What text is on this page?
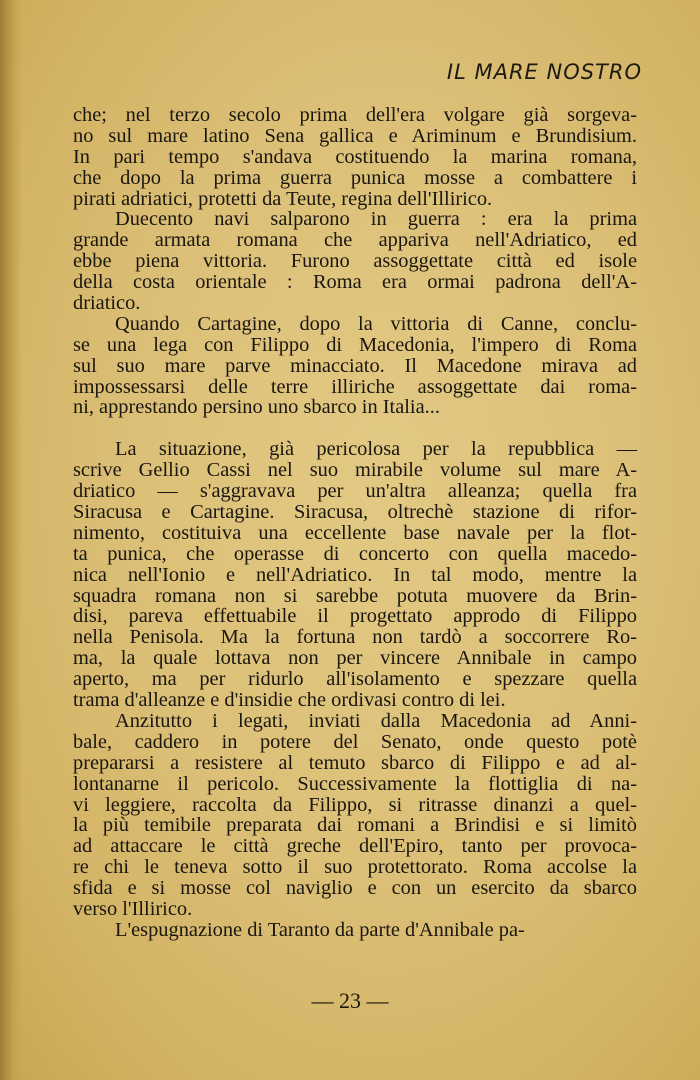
IL MARE NOSTRO
che; nel terzo secolo prima dell'era volgare già sorgeva-
no sul mare latino Sena gallica e Ariminum e Brundisium.
In pari tempo s'andava costituendo la marina romana,
che dopo la prima guerra punica mosse a combattere i
pirati adriatici, protetti da Teute, regina dell'Illirico.
Duecento navi salparono in guerra : era la prima
grande armata romana che appariva nell'Adriatico, ed
ebbe piena vittoria. Furono assoggettate città ed isole
della costa orientale : Roma era ormai padrona dell'A-
driatico.
Quando Cartagine, dopo la vittoria di Canne, conclu-
se una lega con Filippo di Macedonia, l'impero di Roma
sul suo mare parve minacciato. Il Macedone mirava ad
impossessarsi delle terre illiriche assoggettate dai roma-
ni, apprestando persino uno sbarco in Italia...
La situazione, già pericolosa per la repubblica —
scrive Gellio Cassi nel suo mirabile volume sul mare A-
driatico — s'aggravava per un'altra alleanza; quella fra
Siracusa e Cartagine. Siracusa, oltrechè stazione di rifor-
nimento, costituiva una eccellente base navale per la flot-
ta punica, che operasse di concerto con quella macedo-
nica nell'Ionio e nell'Adriatico. In tal modo, mentre la
squadra romana non si sarebbe potuta muovere da Brin-
disi, pareva effettuabile il progettato approdo di Filippo
nella Penisola. Ma la fortuna non tardò a soccorrere Ro-
ma, la quale lottava non per vincere Annibale in campo
aperto, ma per ridurlo all'isolamento e spezzare quella
trama d'alleanze e d'insidie che ordivasi contro di lei.
Anzitutto i legati, inviati dalla Macedonia ad Anni-
bale, caddero in potere del Senato, onde questo potè
prepararsi a resistere al temuto sbarco di Filippo e ad al-
lontanarne il pericolo. Successivamente la flottiglia di na-
vi leggiere, raccolta da Filippo, si ritrasse dinanzi a quel-
la più temibile preparata dai romani a Brindisi e si limitò
ad attaccare le città greche dell'Epiro, tanto per provoca-
re chi le teneva sotto il suo protettorato. Roma accolse la
sfida e si mosse col naviglio e con un esercito da sbarco
verso l'Illirico.
L'espugnazione di Taranto da parte d'Annibale pa-
— 23 —
